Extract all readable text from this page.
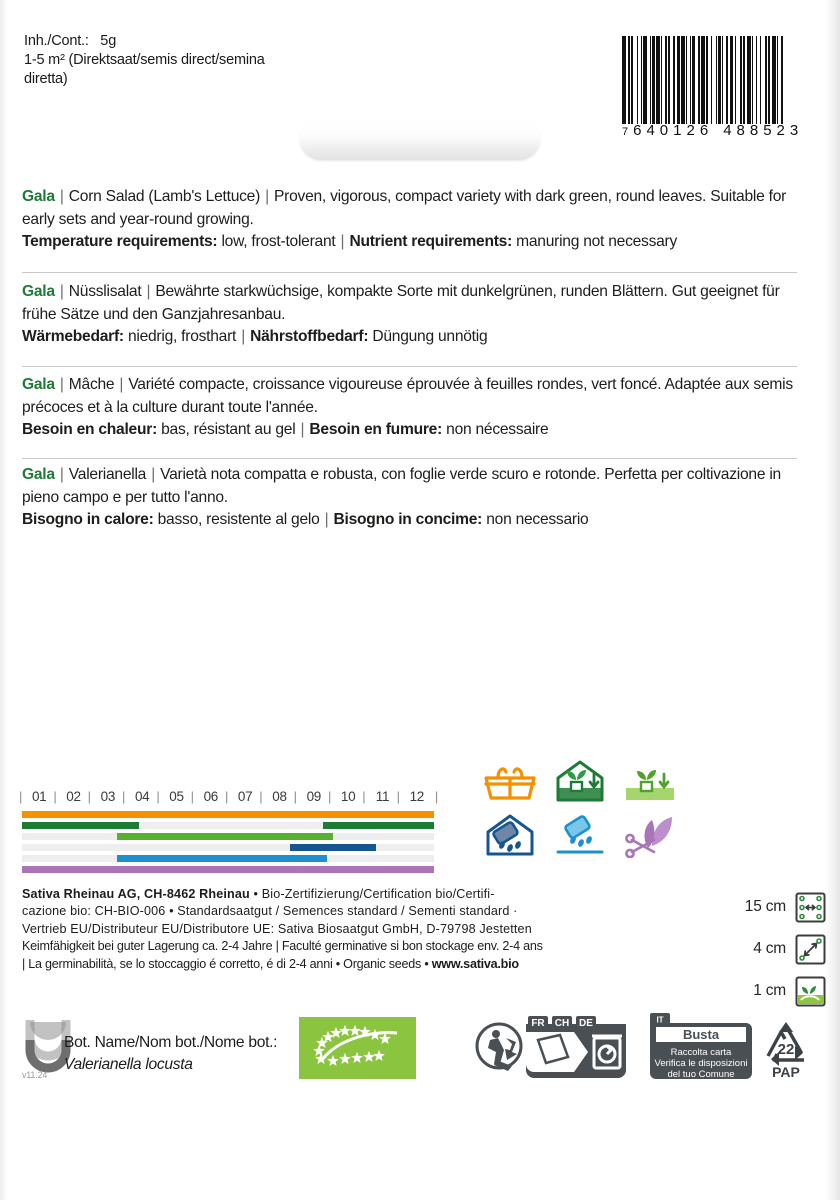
Inh./Cont.: 5g
1-5 m² (Direktsaat/semis direct/semina
diretta)
7 640126 488523
Gala | Corn Salad (Lamb's Lettuce) | Proven, vigorous, compact variety with dark green, round leaves. Suitable for early sets and year-round growing.
Temperature requirements: low, frost-tolerant | Nutrient requirements: manuring not necessary
Gala | Nüsslisalat | Bewährte starkwüchsige, kompakte Sorte mit dunkelgrünen, runden Blättern. Gut geeignet für frühe Sätze und den Ganzjahresanbau.
Wärmebedarf: niedrig, frosthart | Nährstoffbedarf: Düngung unnötig
Gala | Mâche | Variété compacte, croissance vigoureuse éprouvée à feuilles rondes, vert foncé. Adaptée aux semis précoces et à la culture durant toute l'année.
Besoin en chaleur: bas, résistant au gel | Besoin en fumure: non nécessaire
Gala | Valerianella | Varietà nota compatta e robusta, con foglie verde scuro e rotonde. Perfetta per coltivazione in pieno campo e per tutto l'anno.
Bisogno in calore: basso, resistente al gelo | Bisogno in concime: non necessario
| 01	| 02	| 03	| 04	| 05	| 06	| 07	| 08	| 09	| 10	| 11	| 12 |
Sativa Rheinau AG, CH-8462 Rheinau • Bio-Zertifizierung/Certification bio/Certifi-
cazione bio: CH-BIO-006 • Standardsaatgut / Semences standard / Sementi standard ·
Vertrieb EU/Distributeur EU/Distributore UE: Sativa Biosaatgut GmbH, D-79798 Jestetten
Keimfähigkeit bei guter Lagerung ca. 2-4 Jahre | Faculté germinative si bon stockage env. 2-4 ans
| La germinabilità, se lo stoccaggio é corretto, é di 2-4 anni • Organic seeds • www.sativa.bio
15 cm
4 cm
1 cm
v11.24
Bot. Name/Nom bot./Nome bot.:
Valerianella locusta
FR CH DE	IT
Busta
Raccolta carta
Verifica le disposizioni
del tuo Comune
22
PAP
